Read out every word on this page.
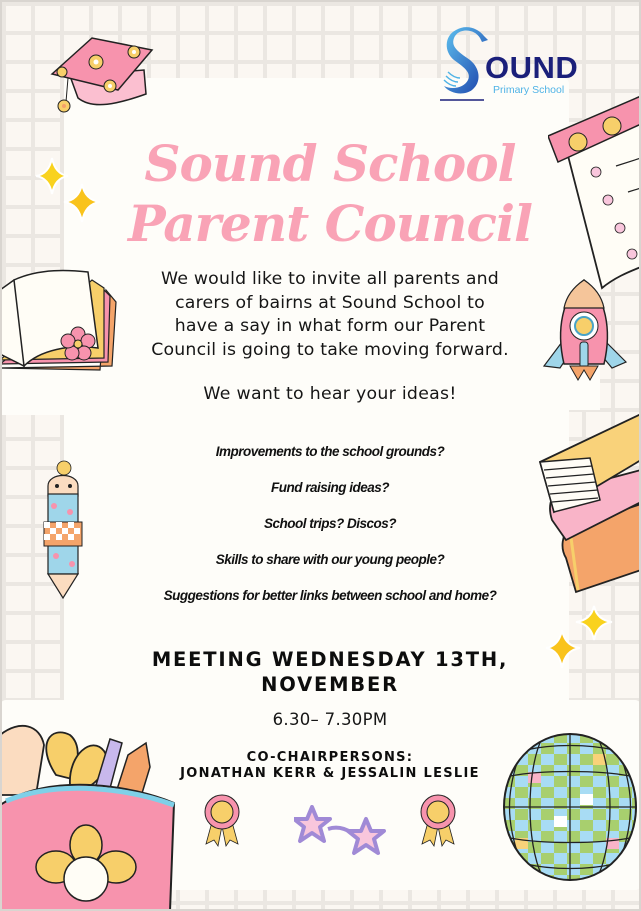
OUND
Primary School
Sound School
Parent Council
We would like to invite all parents and
carers of bairns at Sound School to
have a say in what form our Parent
Council is going to take moving forward.
We want to hear your ideas!
Improvements to the school grounds?
Fund raising ideas?
School trips? Discos?
Skills to share with our young people?
Suggestions for better links between school and home?
MEETING WEDNESDAY 13TH,
NOVEMBER
6.30– 7.30PM
CO-CHAIRPERSONS:
JONATHAN KERR & JESSALIN LESLIE
